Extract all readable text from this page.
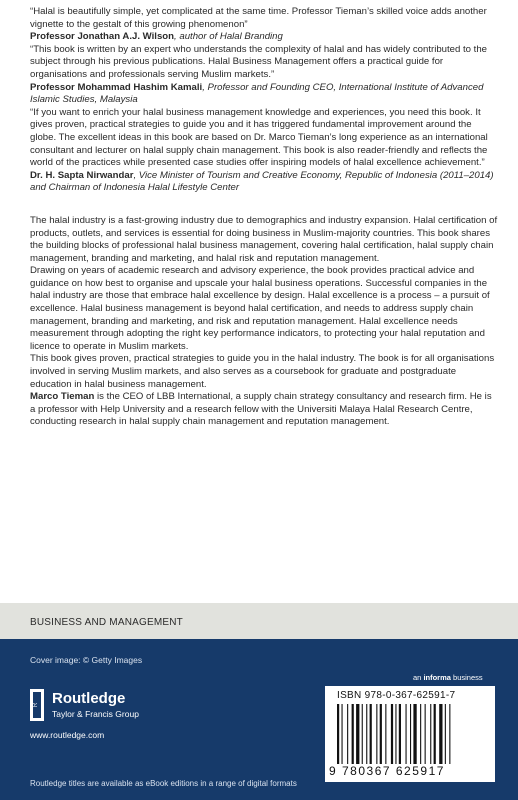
“Halal is beautifully simple, yet complicated at the same time. Professor Tieman’s skilled voice adds another vignette to the gestalt of this growing phenomenon”
Professor Jonathan A.J. Wilson, author of Halal Branding

“This book is written by an expert who understands the complexity of halal and has widely contributed to the subject through his previous publications. Halal Business Management offers a practical guide for organisations and professionals serving Muslim markets.”
Professor Mohammad Hashim Kamali, Professor and Founding CEO, International Institute of Advanced Islamic Studies, Malaysia

“If you want to enrich your halal business management knowledge and experiences, you need this book. It gives proven, practical strategies to guide you and it has triggered fundamental improvement around the globe. The excellent ideas in this book are based on Dr. Marco Tieman’s long experience as an international consultant and lecturer on halal supply chain management. This book is also reader-friendly and reflects the world of the practices while presented case studies offer inspiring models of halal excellence achievement.”
Dr. H. Sapta Nirwandar, Vice Minister of Tourism and Creative Economy, Republic of Indonesia (2011–2014) and Chairman of Indonesia Halal Lifestyle Center

The halal industry is a fast-growing industry due to demographics and industry expansion. Halal certification of products, outlets, and services is essential for doing business in Muslim-majority countries. This book shares the building blocks of professional halal business management, covering halal certification, halal supply chain management, branding and marketing, and halal risk and reputation management.

Drawing on years of academic research and advisory experience, the book provides practical advice and guidance on how best to organise and upscale your halal business operations. Successful companies in the halal industry are those that embrace halal excellence by design. Halal excellence is a process – a pursuit of excellence. Halal business management is beyond halal certification, and needs to address supply chain management, branding and marketing, and risk and reputation management. Halal excellence needs measurement through adopting the right key performance indicators, to protecting your halal reputation and licence to operate in Muslim markets.

This book gives proven, practical strategies to guide you in the halal industry. The book is for all organisations involved in serving Muslim markets, and also serves as a coursebook for graduate and postgraduate education in halal business management.

Marco Tieman is the CEO of LBB International, a supply chain strategy consultancy and research firm. He is a professor with Help University and a research fellow with the Universiti Malaya Halal Research Centre, conducting research in halal supply chain management and reputation management.

BUSINESS AND MANAGEMENT
Cover image: © Getty Images
R Routledge
Taylor & Francis Group
www.routledge.com
Routledge titles are available as eBook editions in a range of digital formats
an informa business
ISBN 978-0-367-62591-7
9 780367 625917
